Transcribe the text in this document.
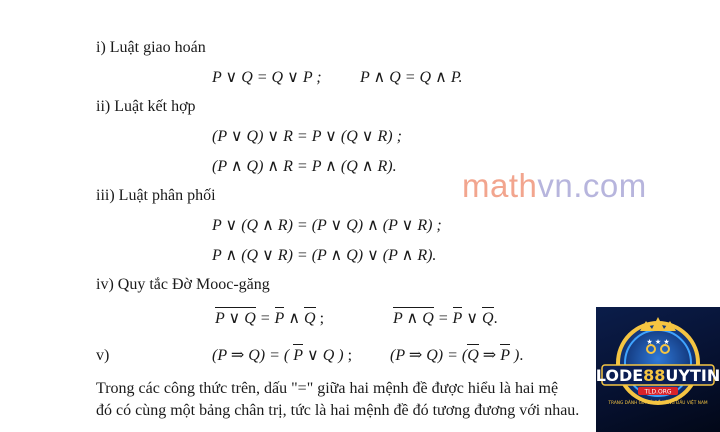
i) Luật giao hoán
P ∨ Q = Q ∨ P ; P ∧ Q = Q ∧ P.
ii) Luật kết hợp
(P ∨ Q) ∨ R = P ∨ (Q ∨ R) ;
(P ∧ Q) ∧ R = P ∧ (Q ∧ R).
iii) Luật phân phối
P ∨ (Q ∧ R) = (P ∨ Q) ∧ (P ∨ R) ;
P ∧ (Q ∨ R) = (P ∧ Q) ∨ (P ∧ R).
iv) Quy tắc Đờ Mooc-găng
P ∨ Q = P ∧ Q ;	P ∧ Q = P ∨ Q.
v)	(P ⇒ Q) = ( P ∨ Q ) ; (P ⇒ Q) = (Q ⇒ P ).
Trong các công thức trên, dấu "=" giữa hai mệnh đề được hiểu là hai mệ
đó có cùng một bảng chân trị, tức là hai mệnh đề đó tương đương với nhau.
mathvn.com
★ ★ ★
LODE88UYTIN
TLD.ORG
TRANG DÀNH GIÁ LÔ ĐỀ HÀNG ĐẦU VIỆT NAM
